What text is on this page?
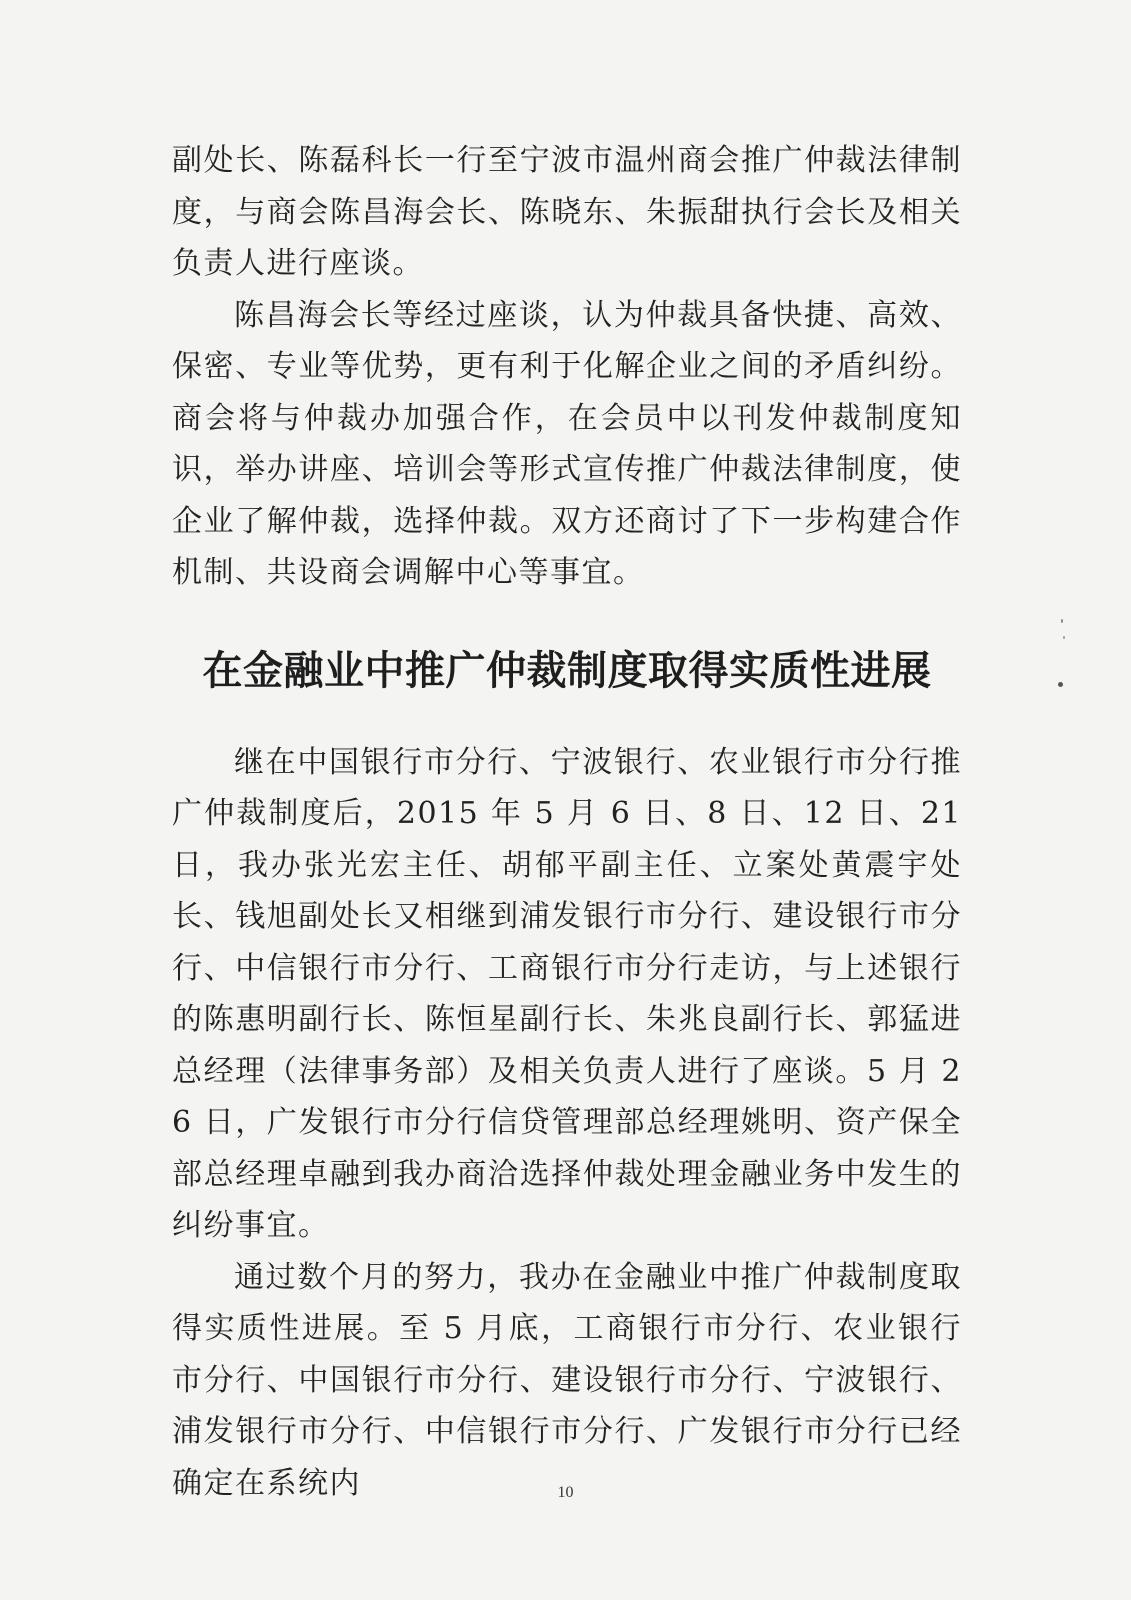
副处长、陈磊科长一行至宁波市温州商会推广仲裁法律制度，与商会陈昌海会长、陈晓东、朱振甜执行会长及相关负责人进行座谈。

陈昌海会长等经过座谈，认为仲裁具备快捷、高效、保密、专业等优势，更有利于化解企业之间的矛盾纠纷。商会将与仲裁办加强合作，在会员中以刊发仲裁制度知识，举办讲座、培训会等形式宣传推广仲裁法律制度，使企业了解仲裁，选择仲裁。双方还商讨了下一步构建合作机制、共设商会调解中心等事宜。

在金融业中推广仲裁制度取得实质性进展

继在中国银行市分行、宁波银行、农业银行市分行推广仲裁制度后，2015 年 5 月 6 日、8 日、12 日、21 日，我办张光宏主任、胡郁平副主任、立案处黄震宇处长、钱旭副处长又相继到浦发银行市分行、建设银行市分行、中信银行市分行、工商银行市分行走访，与上述银行的陈惠明副行长、陈恒星副行长、朱兆良副行长、郭猛进总经理（法律事务部）及相关负责人进行了座谈。5 月 26 日，广发银行市分行信贷管理部总经理姚明、资产保全部总经理卓融到我办商洽选择仲裁处理金融业务中发生的纠纷事宜。

通过数个月的努力，我办在金融业中推广仲裁制度取得实质性进展。至 5 月底，工商银行市分行、农业银行市分行、中国银行市分行、建设银行市分行、宁波银行、浦发银行市分行、中信银行市分行、广发银行市分行已经确定在系统内	10
